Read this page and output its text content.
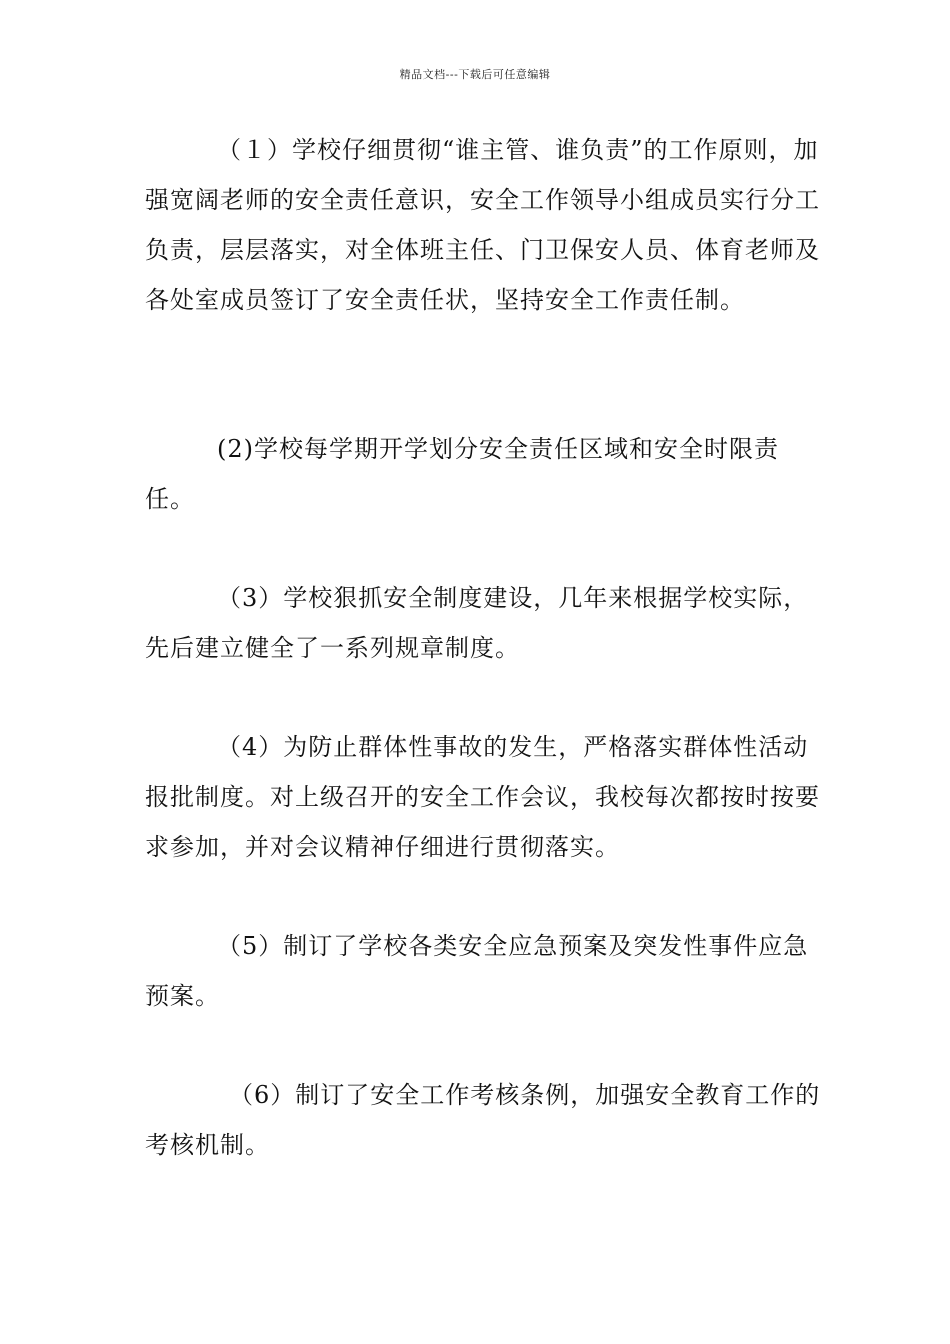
精品文档---下载后可任意编辑

（１）学校仔细贯彻“谁主管、谁负责”的工作原则，加强宽阔老师的安全责任意识，安全工作领导小组成员实行分工负责，层层落实，对全体班主任、门卫保安人员、体育老师及各处室成员签订了安全责任状，坚持安全工作责任制。

(2)学校每学期开学划分安全责任区域和安全时限责任。

（3）学校狠抓安全制度建设，几年来根据学校实际，先后建立健全了一系列规章制度。

（4）为防止群体性事故的发生，严格落实群体性活动报批制度。对上级召开的安全工作会议，我校每次都按时按要求参加，并对会议精神仔细进行贯彻落实。

（5）制订了学校各类安全应急预案及突发性事件应急预案。

（6）制订了安全工作考核条例，加强安全教育工作的考核机制。
